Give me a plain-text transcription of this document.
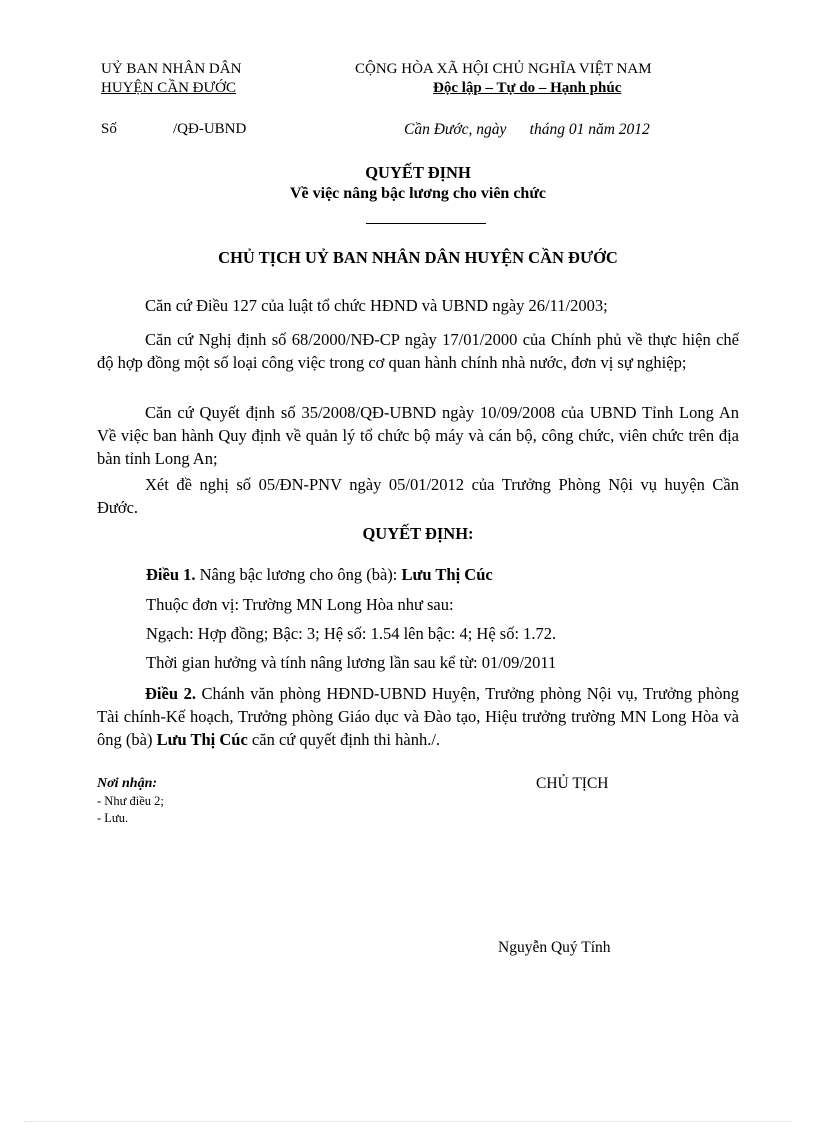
UỶ BAN NHÂN DÂN
HUYỆN CẦN ĐƯỚC
CỘNG HÒA XÃ HỘI CHỦ NGHĨA VIỆT NAM
Độc lập – Tự do – Hạnh phúc
Số	/QĐ-UBND	Cần Đước, ngày      tháng 01 năm 2012
QUYẾT ĐỊNH
Về việc nâng bậc lương cho viên chức
CHỦ TỊCH UỶ BAN NHÂN DÂN HUYỆN CẦN ĐƯỚC
Căn cứ Điều 127 của luật tổ chức HĐND và UBND ngày 26/11/2003;
Căn cứ Nghị định số 68/2000/NĐ-CP ngày 17/01/2000 của Chính phủ về thực hiện chế độ hợp đồng một số loại công việc trong cơ quan hành chính nhà nước, đơn vị sự nghiệp;
Căn cứ Quyết định số 35/2008/QĐ-UBND ngày 10/09/2008 của UBND Tỉnh Long An Về việc ban hành Quy định về quản lý tổ chức bộ máy và cán bộ, công chức, viên chức trên địa bàn tỉnh Long An;
Xét đề nghị số 05/ĐN-PNV ngày 05/01/2012 của Trưởng Phòng Nội vụ huyện Cần Đước.
QUYẾT ĐỊNH:
Điều 1. Nâng bậc lương cho ông (bà): Lưu Thị Cúc
Thuộc đơn vị: Trường MN Long Hòa như sau:
Ngạch: Hợp đồng; Bậc: 3; Hệ số: 1.54 lên bậc: 4; Hệ số: 1.72.
Thời gian hưởng và tính nâng lương lần sau kể từ: 01/09/2011
Điều 2. Chánh văn phòng HĐND-UBND Huyện, Trưởng phòng Nội vụ, Trưởng phòng Tài chính-Kế hoạch, Trưởng phòng Giáo dục và Đào tạo, Hiệu trưởng trường MN Long Hòa và ông (bà) Lưu Thị Cúc căn cứ quyết định thi hành./.
Nơi nhận:
- Như điều 2;
- Lưu.
CHỦ TỊCH
Nguyễn Quý Tính
